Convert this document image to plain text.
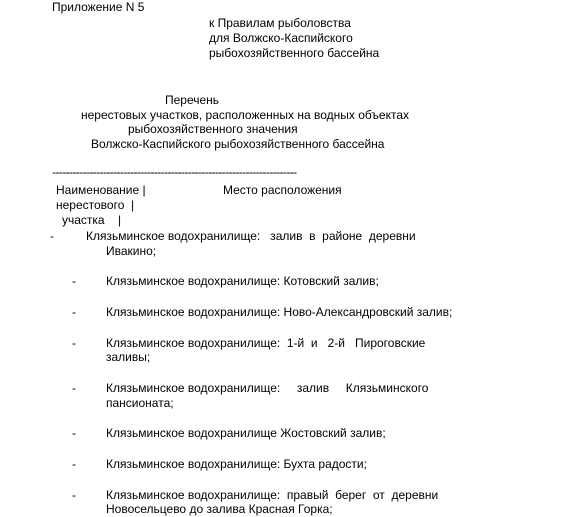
Приложение N 5
к Правилам рыболовства
для Волжско-Каспийского
рыбохозяйственного бассейна
Перечень
нерестовых участков, расположенных на водных объектах
рыбохозяйственного значения
Волжско-Каспийского рыбохозяйственного бассейна
------------------------------------------------------------------------
Наименование |	Место расположения
нерестового  |
участка    |
-	Клязьминское водохранилище:   залив  в  районе  деревни
Ивакино;
-	Клязьминское водохранилище: Котовский залив;
-	Клязьминское водохранилище: Ново-Александровский залив;
-	Клязьминское водохранилище:  1-й  и   2-й   Пироговские
заливы;
-	Клязьминское водохранилище:     залив     Клязьминского
пансионата;
-	Клязьминское водохранилище Жостовский залив;
-	Клязьминское водохранилище: Бухта радости;
-	Клязьминское водохранилище:  правый  берег  от  деревни
Новосельцево до залива Красная Горка;
